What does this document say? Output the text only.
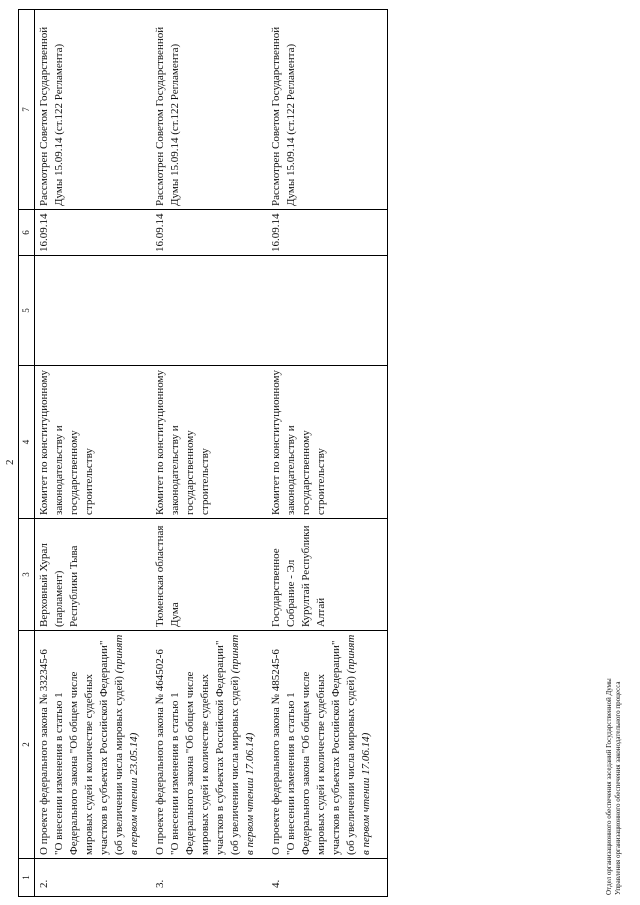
2
1	2	3	4	5	6	7
2.	О проекте федерального закона № 332345-6 "О внесении изменения в статью 1 Федерального закона "Об общем числе мировых судей и количестве судебных участков в субъектах Российской Федерации" (об увеличении числа мировых судей) (принят в первом чтении 23.05.14)	Верховный Хурал (парламент) Республики Тыва	Комитет по конституционному законодательству и государственному строительству		16.09.14	Рассмотрен Советом Государственной Думы 15.09.14 (ст.122 Регламента)
3.	О проекте федерального закона № 464502-6 "О внесении изменения в статью 1 Федерального закона "Об общем числе мировых судей и количестве судебных участков в субъектах Российской Федерации" (об увеличении числа мировых судей) (принят в первом чтении 17.06.14)	Тюменская областная Дума	Комитет по конституционному законодательству и государственному строительству		16.09.14	Рассмотрен Советом Государственной Думы 15.09.14 (ст.122 Регламента)
4.	О проекте федерального закона № 485245-6 "О внесении изменения в статью 1 Федерального закона "Об общем числе мировых судей и количестве судебных участков в субъектах Российской Федерации" (об увеличении числа мировых судей) (принят в первом чтении 17.06.14)	Государственное Собрание - Эл Курултай Республики Алтай	Комитет по конституционному законодательству и государственному строительству		16.09.14	Рассмотрен Советом Государственной Думы 15.09.14 (ст.122 Регламента)
Отдел организационного обеспечения заседаний Государственной Думы Управления организационного обеспечения законодательного процесса
